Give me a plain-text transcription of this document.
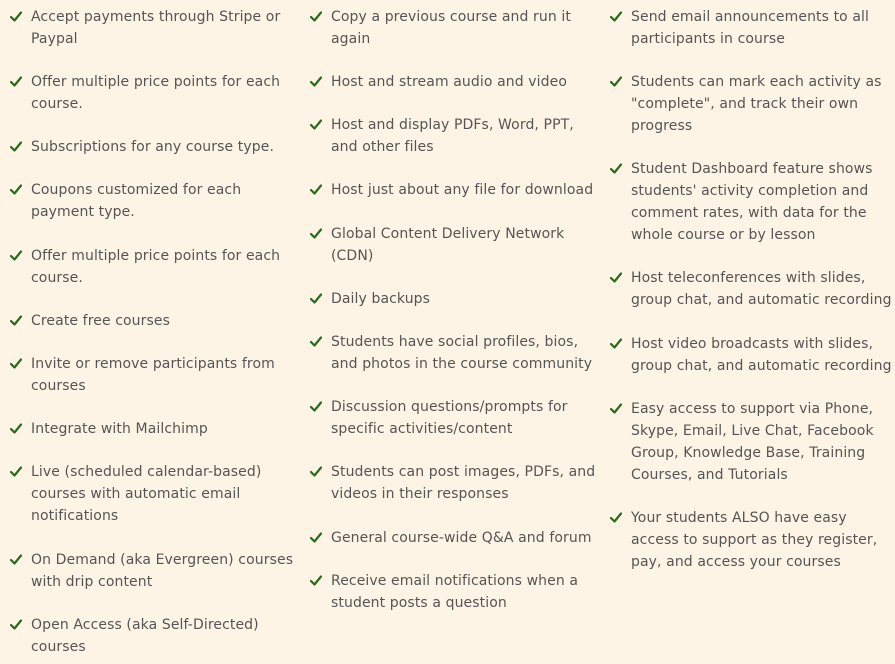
Accept payments through Stripe or Paypal
Offer multiple price points for each course.
Subscriptions for any course type.
Coupons customized for each payment type.
Offer multiple price points for each course.
Create free courses
Invite or remove participants from courses
Integrate with Mailchimp
Live (scheduled calendar-based) courses with automatic email notifications
On Demand (aka Evergreen) courses with drip content
Open Access (aka Self-Directed) courses
Copy a previous course and run it again
Host and stream audio and video
Host and display PDFs, Word, PPT, and other files
Host just about any file for download
Global Content Delivery Network (CDN)
Daily backups
Students have social profiles, bios, and photos in the course community
Discussion questions/prompts for specific activities/content
Students can post images, PDFs, and videos in their responses
General course-wide Q&A and forum
Receive email notifications when a student posts a question
Send email announcements to all participants in course
Students can mark each activity as "complete", and track their own progress
Student Dashboard feature shows students' activity completion and comment rates, with data for the whole course or by lesson
Host teleconferences with slides, group chat, and automatic recording
Host video broadcasts with slides, group chat, and automatic recording
Easy access to support via Phone, Skype, Email, Live Chat, Facebook Group, Knowledge Base, Training Courses, and Tutorials
Your students ALSO have easy access to support as they register, pay, and access your courses
